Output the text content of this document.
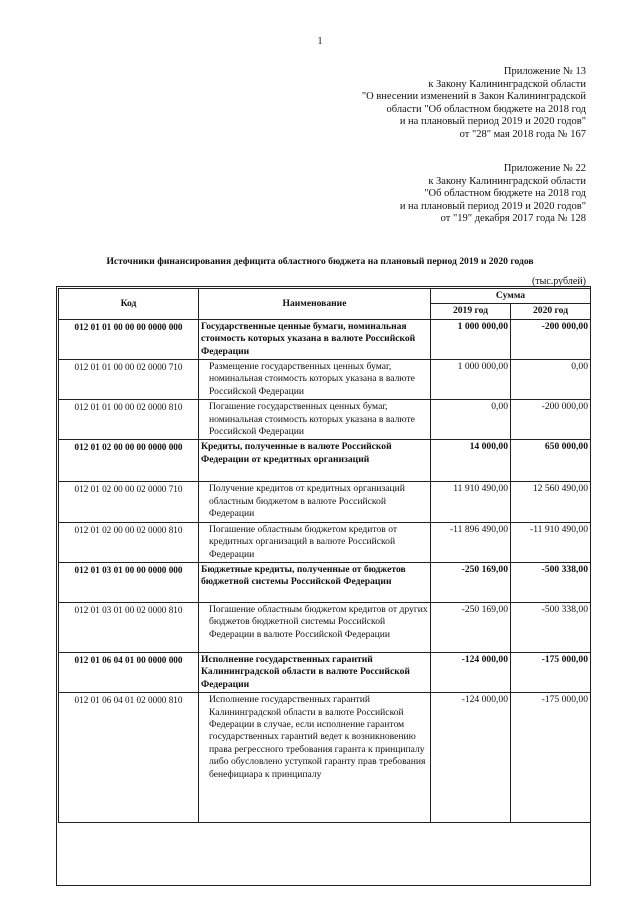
1
Приложение № 13
к Закону Калининградской области
"О внесении изменений в Закон Калининградской
области "Об областном бюджете на 2018 год
и на плановый период 2019 и 2020 годов"
от "28" мая 2018 года № 167
Приложение № 22
к Закону Калининградской области
"Об областном бюджете на 2018 год
и на плановый период 2019 и 2020 годов"
от "19" декабря 2017 года № 128
Источники финансирования дефицита областного бюджета на плановый период 2019 и 2020 годов
(тыс.рублей)
Код	Наименование	Сумма	
		2019 год	2020 год
012 01 01 00 00 00 0000 000	Государственные ценные бумаги, номинальная стоимость которых указана в валюте Российской Федерации	1 000 000,00	-200 000,00
012 01 01 00 00 02 0000 710	Размещение государственных ценных бумаг, номинальная стоимость которых указана в валюте Российской Федерации	1 000 000,00	0,00
012 01 01 00 00 02 0000 810	Погашение государственных ценных бумаг, номинальная стоимость которых указана в валюте Российской Федерации	0,00	-200 000,00
012 01 02 00 00 00 0000 000	Кредиты, полученные в валюте Российской Федерации от кредитных организаций	14 000,00	650 000,00
012 01 02 00 00 02 0000 710	Получение кредитов от кредитных организаций областным бюджетом в валюте Российской Федерации	11 910 490,00	12 560 490,00
012 01 02 00 00 02 0000 810	Погашение областным бюджетом кредитов от кредитных организаций в валюте Российской Федерации	-11 896 490,00	-11 910 490,00
012 01 03 01 00 00 0000 000	Бюджетные кредиты, полученные от бюджетов бюджетной системы Российской Федерации	-250 169,00	-500 338,00
012 01 03 01 00 02 0000 810	Погашение областным бюджетом кредитов от других бюджетов бюджетной системы Российской Федерации в валюте Российской Федерации	-250 169,00	-500 338,00
012 01 06 04 01 00 0000 000	Исполнение государственных гарантий Калининградской области в валюте Российской Федерации	-124 000,00	-175 000,00
012 01 06 04 01 02 0000 810	Исполнение государственных гарантий Калининградской области в валюте Российской Федерации в случае, если исполнение гарантом государственных гарантий ведет к возникновению права регрессного требования гаранта к принципалу либо обусловлено уступкой гаранту прав требования бенефициара к принципалу	-124 000,00	-175 000,00
